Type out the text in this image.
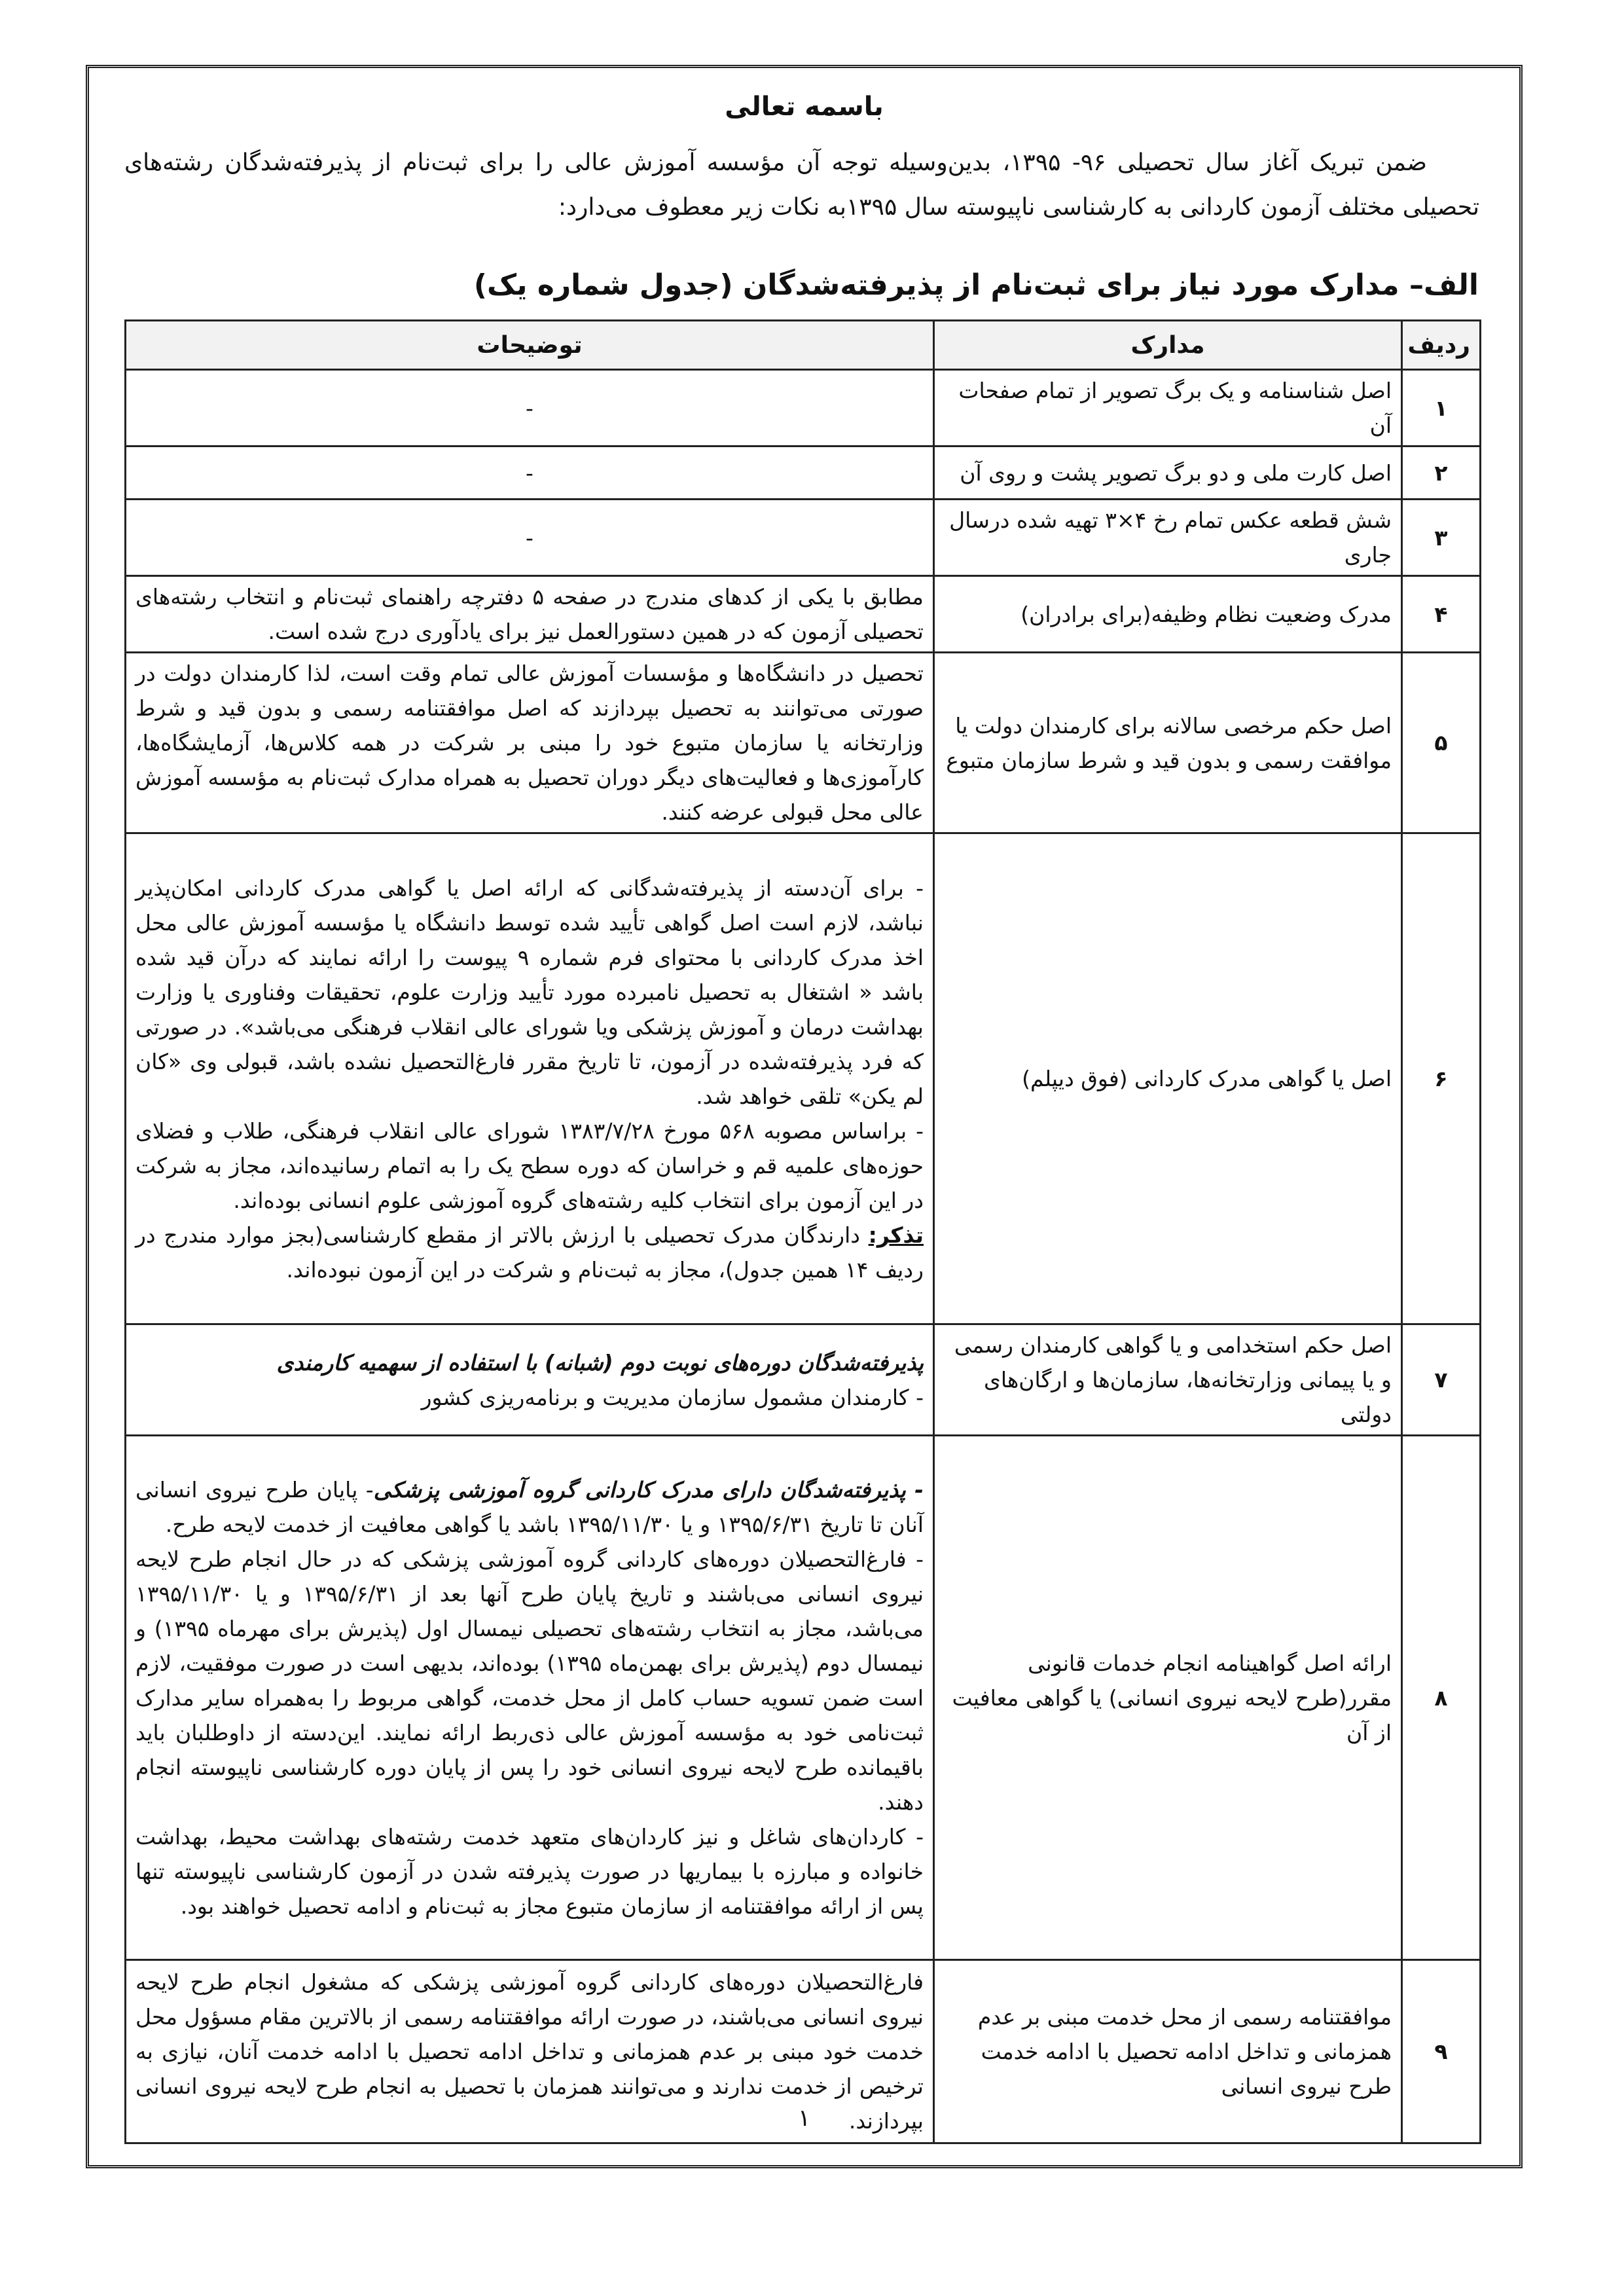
باسمه تعالی
ضمن تبریک آغاز سال تحصیلی ۹۶- ۱۳۹۵، بدین‌وسیله توجه آن مؤسسه آموزش عالی را برای ثبت‌نام از پذیرفته‌شدگان رشته‌های تحصیلی مختلف آزمون کاردانی به کارشناسی ناپیوسته سال ۱۳۹۵به نکات زیر معطوف می‌دارد:
الف– مدارک مورد نیاز برای ثبت‌نام از پذیرفته‌شدگان (جدول شماره یک)
ردیف	مدارک	توضیحات
۱	اصل شناسنامه و یک برگ تصویر از تمام صفحات آن	-
۲	اصل کارت ملی و دو برگ تصویر پشت و روی آن	-
۳	شش قطعه عکس تمام رخ ۴×۳ تهیه شده درسال جاری	-
۴	مدرک وضعیت نظام وظیفه(برای برادران)	مطابق با یکی از کدهای مندرج در صفحه ۵ دفترچه راهنمای ثبت‌نام و انتخاب رشته‌های تحصیلی آزمون که در همین دستورالعمل نیز برای یادآوری درج شده است.
۵	اصل حکم مرخصی سالانه برای کارمندان دولت یا موافقت رسمی و بدون قید و شرط سازمان متبوع	تحصیل در دانشگاه‌ها و مؤسسات آموزش عالی تمام وقت است، لذا کارمندان دولت در صورتی می‌توانند به تحصیل بپردازند که اصل موافقتنامه رسمی و بدون قید و شرط وزارتخانه یا سازمان متبوع خود را مبنی بر شرکت در همه کلاس‌ها، آزمایشگاه‌ها، کارآموزی‌ها و فعالیت‌های دیگر دوران تحصیل به همراه مدارک ثبت‌نام به مؤسسه آموزش عالی محل قبولی عرضه کنند.
۶	اصل یا گواهی مدرک کاردانی (فوق دیپلم)	- برای آن‌دسته از پذیرفته‌شدگانی که ارائه اصل یا گواهی مدرک کاردانی امکان‌پذیر نباشد، لازم است اصل گواهی تأیید شده توسط دانشگاه یا مؤسسه آموزش عالی محل اخذ مدرک کاردانی با محتوای فرم شماره ۹ پیوست را ارائه نمایند که درآن قید شده باشد « اشتغال به تحصیل نامبرده مورد تأیید وزارت علوم، تحقیقات وفناوری یا وزارت بهداشت درمان و آموزش پزشکی ویا شورای عالی انقلاب فرهنگی می‌باشد». در صورتی که فرد پذیرفته‌شده در آزمون، تا تاریخ مقرر فارغ‌التحصیل نشده باشد، قبولی وی «کان لم یکن» تلقی خواهد شد.

- براساس مصوبه ۵۶۸ مورخ ۱۳۸۳/۷/۲۸ شورای عالی انقلاب فرهنگی، طلاب و فضلای حوزه‌های علمیه قم و خراسان که دوره سطح یک را به اتمام رسانیده‌اند، مجاز به شرکت در این آزمون برای انتخاب کلیه رشته‌های گروه آموزشی علوم انسانی بوده‌اند.

تذکر: دارندگان مدرک تحصیلی با ارزش بالاتر از مقطع کارشناسی(بجز موارد مندرج در ردیف ۱۴ همین جدول)، مجاز به ثبت‌نام و شرکت در این آزمون نبوده‌اند.

۷	اصل حکم استخدامی و یا گواهی کارمندان رسمی و یا پیمانی وزارتخانه‌ها، سازمان‌ها و ارگان‌های دولتی	پذیرفته‌شدگان دوره‌های نوبت دوم (شبانه) با استفاده از سهمیه کارمندی

- کارمندان مشمول سازمان مدیریت و برنامه‌ریزی کشور

۸	ارائه اصل گواهینامه انجام خدمات قانونی مقرر(طرح لایحه نیروی انسانی) یا گواهی معافیت از آن	- پذیرفته‌شدگان دارای مدرک کاردانی گروه آموزشی پزشکی- پایان طرح نیروی انسانی آنان تا تاریخ ۱۳۹۵/۶/۳۱ و یا ۱۳۹۵/۱۱/۳۰ باشد یا گواهی معافیت از خدمت لایحه طرح.

- فارغ‌التحصیلان دوره‌های کاردانی گروه آموزشی پزشکی که در حال انجام طرح لایحه نیروی انسانی می‌باشند و تاریخ پایان طرح آنها بعد از ۱۳۹۵/۶/۳۱ و یا ۱۳۹۵/۱۱/۳۰ می‌باشد، مجاز به انتخاب رشته‌های تحصیلی نیمسال اول (پذیرش برای مهرماه ۱۳۹۵) و نیمسال دوم (پذیرش برای بهمن‌ماه ۱۳۹۵) بوده‌اند، بدیهی است در صورت موفقیت، لازم است ضمن تسویه حساب کامل از محل خدمت، گواهی مربوط را به‌همراه سایر مدارک ثبت‌نامی خود به مؤسسه آموزش عالی ذی‌ربط ارائه نمایند. این‌دسته از داوطلبان باید باقیمانده طرح لایحه نیروی انسانی خود را پس از پایان دوره کارشناسی ناپیوسته انجام دهند.

- کاردان‌های شاغل و نیز کاردان‌های متعهد خدمت رشته‌های بهداشت محیط، بهداشت خانواده و مبارزه با بیماریها در صورت پذیرفته شدن در آزمون کارشناسی ناپیوسته تنها پس از ارائه موافقتنامه از سازمان متبوع مجاز به ثبت‌نام و ادامه تحصیل خواهند بود.

۹	موافقتنامه رسمی از محل خدمت مبنی بر عدم همزمانی و تداخل ادامه تحصیل با ادامه خدمت طرح نیروی انسانی	فارغ‌التحصیلان دوره‌های کاردانی گروه آموزشی پزشکی که مشغول انجام طرح لایحه نیروی انسانی می‌باشند، در صورت ارائه موافقتنامه رسمی از بالاترین مقام مسؤول محل خدمت خود مبنی بر عدم همزمانی و تداخل ادامه تحصیل با ادامه خدمت آنان، نیازی به ترخیص از خدمت ندارند و می‌توانند همزمان با تحصیل به انجام طرح لایحه نیروی انسانی بپردازند.
۱
